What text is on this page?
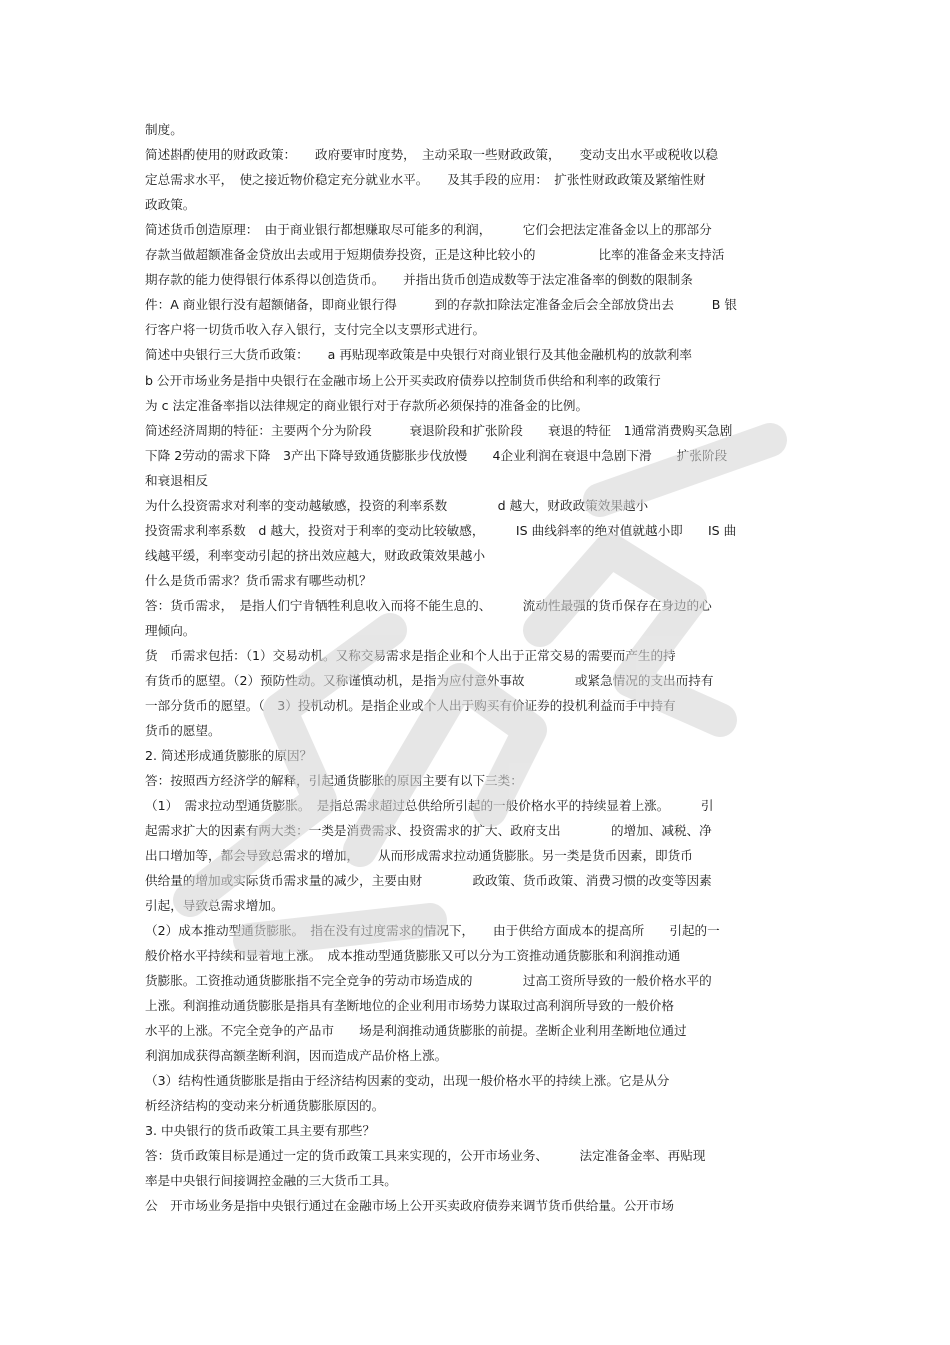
制度。
简述斟酌使用的财政政策：　　政府要审时度势，　主动采取一些财政政策，　　变动支出水平或税收以稳
定总需求水平，　使之接近物价稳定充分就业水平。　　及其手段的应用：　扩张性财政政策及紧缩性财
政政策。
简述货币创造原理：　由于商业银行都想赚取尽可能多的利润，　　　它们会把法定准备金以上的那部分
存款当做超额准备金贷放出去或用于短期债券投资，正是这种比较小的　　　　　比率的准备金来支持活
期存款的能力使得银行体系得以创造货币。　　并指出货币创造成数等于法定准备率的倒数的限制条
件：A 商业银行没有超额储备，即商业银行得　　　到的存款扣除法定准备金后会全部放贷出去　　　B 银
行客户将一切货币收入存入银行，支付完全以支票形式进行。
简述中央银行三大货币政策：　　a 再贴现率政策是中央银行对商业银行及其他金融机构的放款利率
b 公开市场业务是指中央银行在金融市场上公开买卖政府债券以控制货币供给和利率的政策行
为 c 法定准备率指以法律规定的商业银行对于存款所必须保持的准备金的比例。
简述经济周期的特征：主要两个分为阶段　　　衰退阶段和扩张阶段　　衰退的特征　1通常消费购买急剧
下降 2劳动的需求下降　3产出下降导致通货膨胀步伐放慢　　4企业利润在衰退中急剧下滑　　扩张阶段
和衰退相反
为什么投资需求对利率的变动越敏感，投资的利率系数　　　　d 越大，财政政策效果越小
投资需求利率系数　d 越大，投资对于利率的变动比较敏感，　　　IS 曲线斜率的绝对值就越小即　　IS 曲
线越平缓，利率变动引起的挤出效应越大，财政政策效果越小
什么是货币需求？货币需求有哪些动机？
答：货币需求，　是指人们宁肯牺牲利息收入而将不能生息的、　　　流动性最强的货币保存在身边的心
理倾向。
货　币需求包括：（1）交易动机。又称交易需求是指企业和个人出于正常交易的需要而产生的持
有货币的愿望。（2）预防性动。又称谨慎动机，是指为应付意外事故　　　　或紧急情况的支出而持有
一部分货币的愿望。（　3）投机动机。是指企业或个人出于购买有价证券的投机利益而手中持有
货币的愿望。
2. 简述形成通货膨胀的原因？
答：按照西方经济学的解释，引起通货膨胀的原因主要有以下三类：
（1）　需求拉动型通货膨胀。　是指总需求超过总供给所引起的一般价格水平的持续显着上涨。　　　引
起需求扩大的因素有两大类：一类是消费需求、投资需求的扩大、政府支出　　　　的增加、减税、净
出口增加等，都会导致总需求的增加，　　从而形成需求拉动通货膨胀。另一类是货币因素，即货币
供给量的增加或实际货币需求量的减少，主要由财　　　　政政策、货币政策、消费习惯的改变等因素
引起，导致总需求增加。
（2）成本推动型通货膨胀。　指在没有过度需求的情况下，　　由于供给方面成本的提高所　　引起的一
般价格水平持续和显着地上涨。　成本推动型通货膨胀又可以分为工资推动通货膨胀和利润推动通
货膨胀。工资推动通货膨胀指不完全竞争的劳动市场造成的　　　　过高工资所导致的一般价格水平的
上涨。利润推动通货膨胀是指具有垄断地位的企业利用市场势力谋取过高利润所导致的一般价格
水平的上涨。不完全竞争的产品市　　场是利润推动通货膨胀的前提。垄断企业利用垄断地位通过
利润加成获得高额垄断利润，因而造成产品价格上涨。
（3）结构性通货膨胀是指由于经济结构因素的变动，出现一般价格水平的持续上涨。它是从分
析经济结构的变动来分析通货膨胀原因的。
3. 中央银行的货币政策工具主要有那些？
答：货币政策目标是通过一定的货币政策工具来实现的，公开市场业务、　　　法定准备金率、再贴现
率是中央银行间接调控金融的三大货币工具。
公　开市场业务是指中央银行通过在金融市场上公开买卖政府债券来调节货币供给量。公开市场
